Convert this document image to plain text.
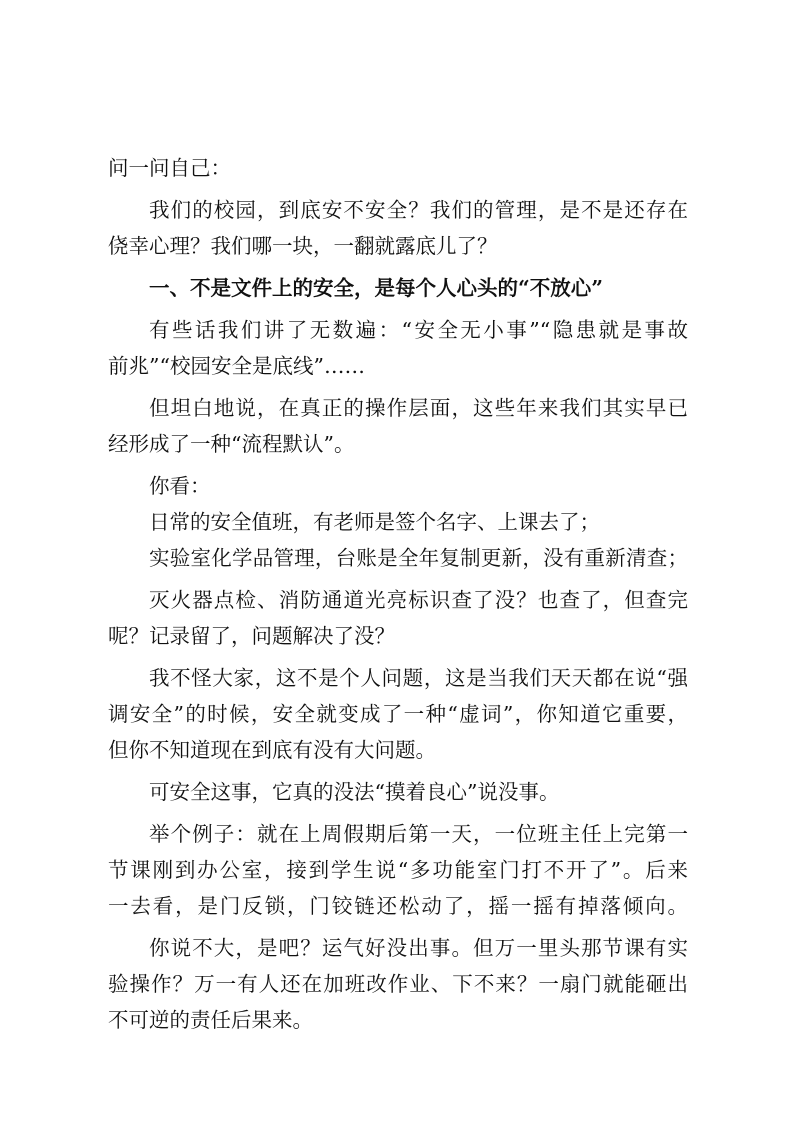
问一问自己：
我们的校园，到底安不安全？我们的管理，是不是还存在
侥幸心理？我们哪一块，一翻就露底儿了？
一、不是文件上的安全，是每个人心头的“不放心”
有些话我们讲了无数遍：“安全无小事”“隐患就是事故
前兆”“校园安全是底线”……
但坦白地说，在真正的操作层面，这些年来我们其实早已
经形成了一种“流程默认”。
你看：
日常的安全值班，有老师是签个名字、上课去了；
实验室化学品管理，台账是全年复制更新，没有重新清查；
灭火器点检、消防通道光亮标识查了没？也查了，但查完
呢？记录留了，问题解决了没？
我不怪大家，这不是个人问题，这是当我们天天都在说“强
调安全”的时候，安全就变成了一种“虚词”，你知道它重要，
但你不知道现在到底有没有大问题。
可安全这事，它真的没法“摸着良心”说没事。
举个例子：就在上周假期后第一天，一位班主任上完第一
节课刚到办公室，接到学生说“多功能室门打不开了”。后来
一去看，是门反锁，门铰链还松动了，摇一摇有掉落倾向。
你说不大，是吧？运气好没出事。但万一里头那节课有实
验操作？万一有人还在加班改作业、下不来？一扇门就能砸出
不可逆的责任后果来。
